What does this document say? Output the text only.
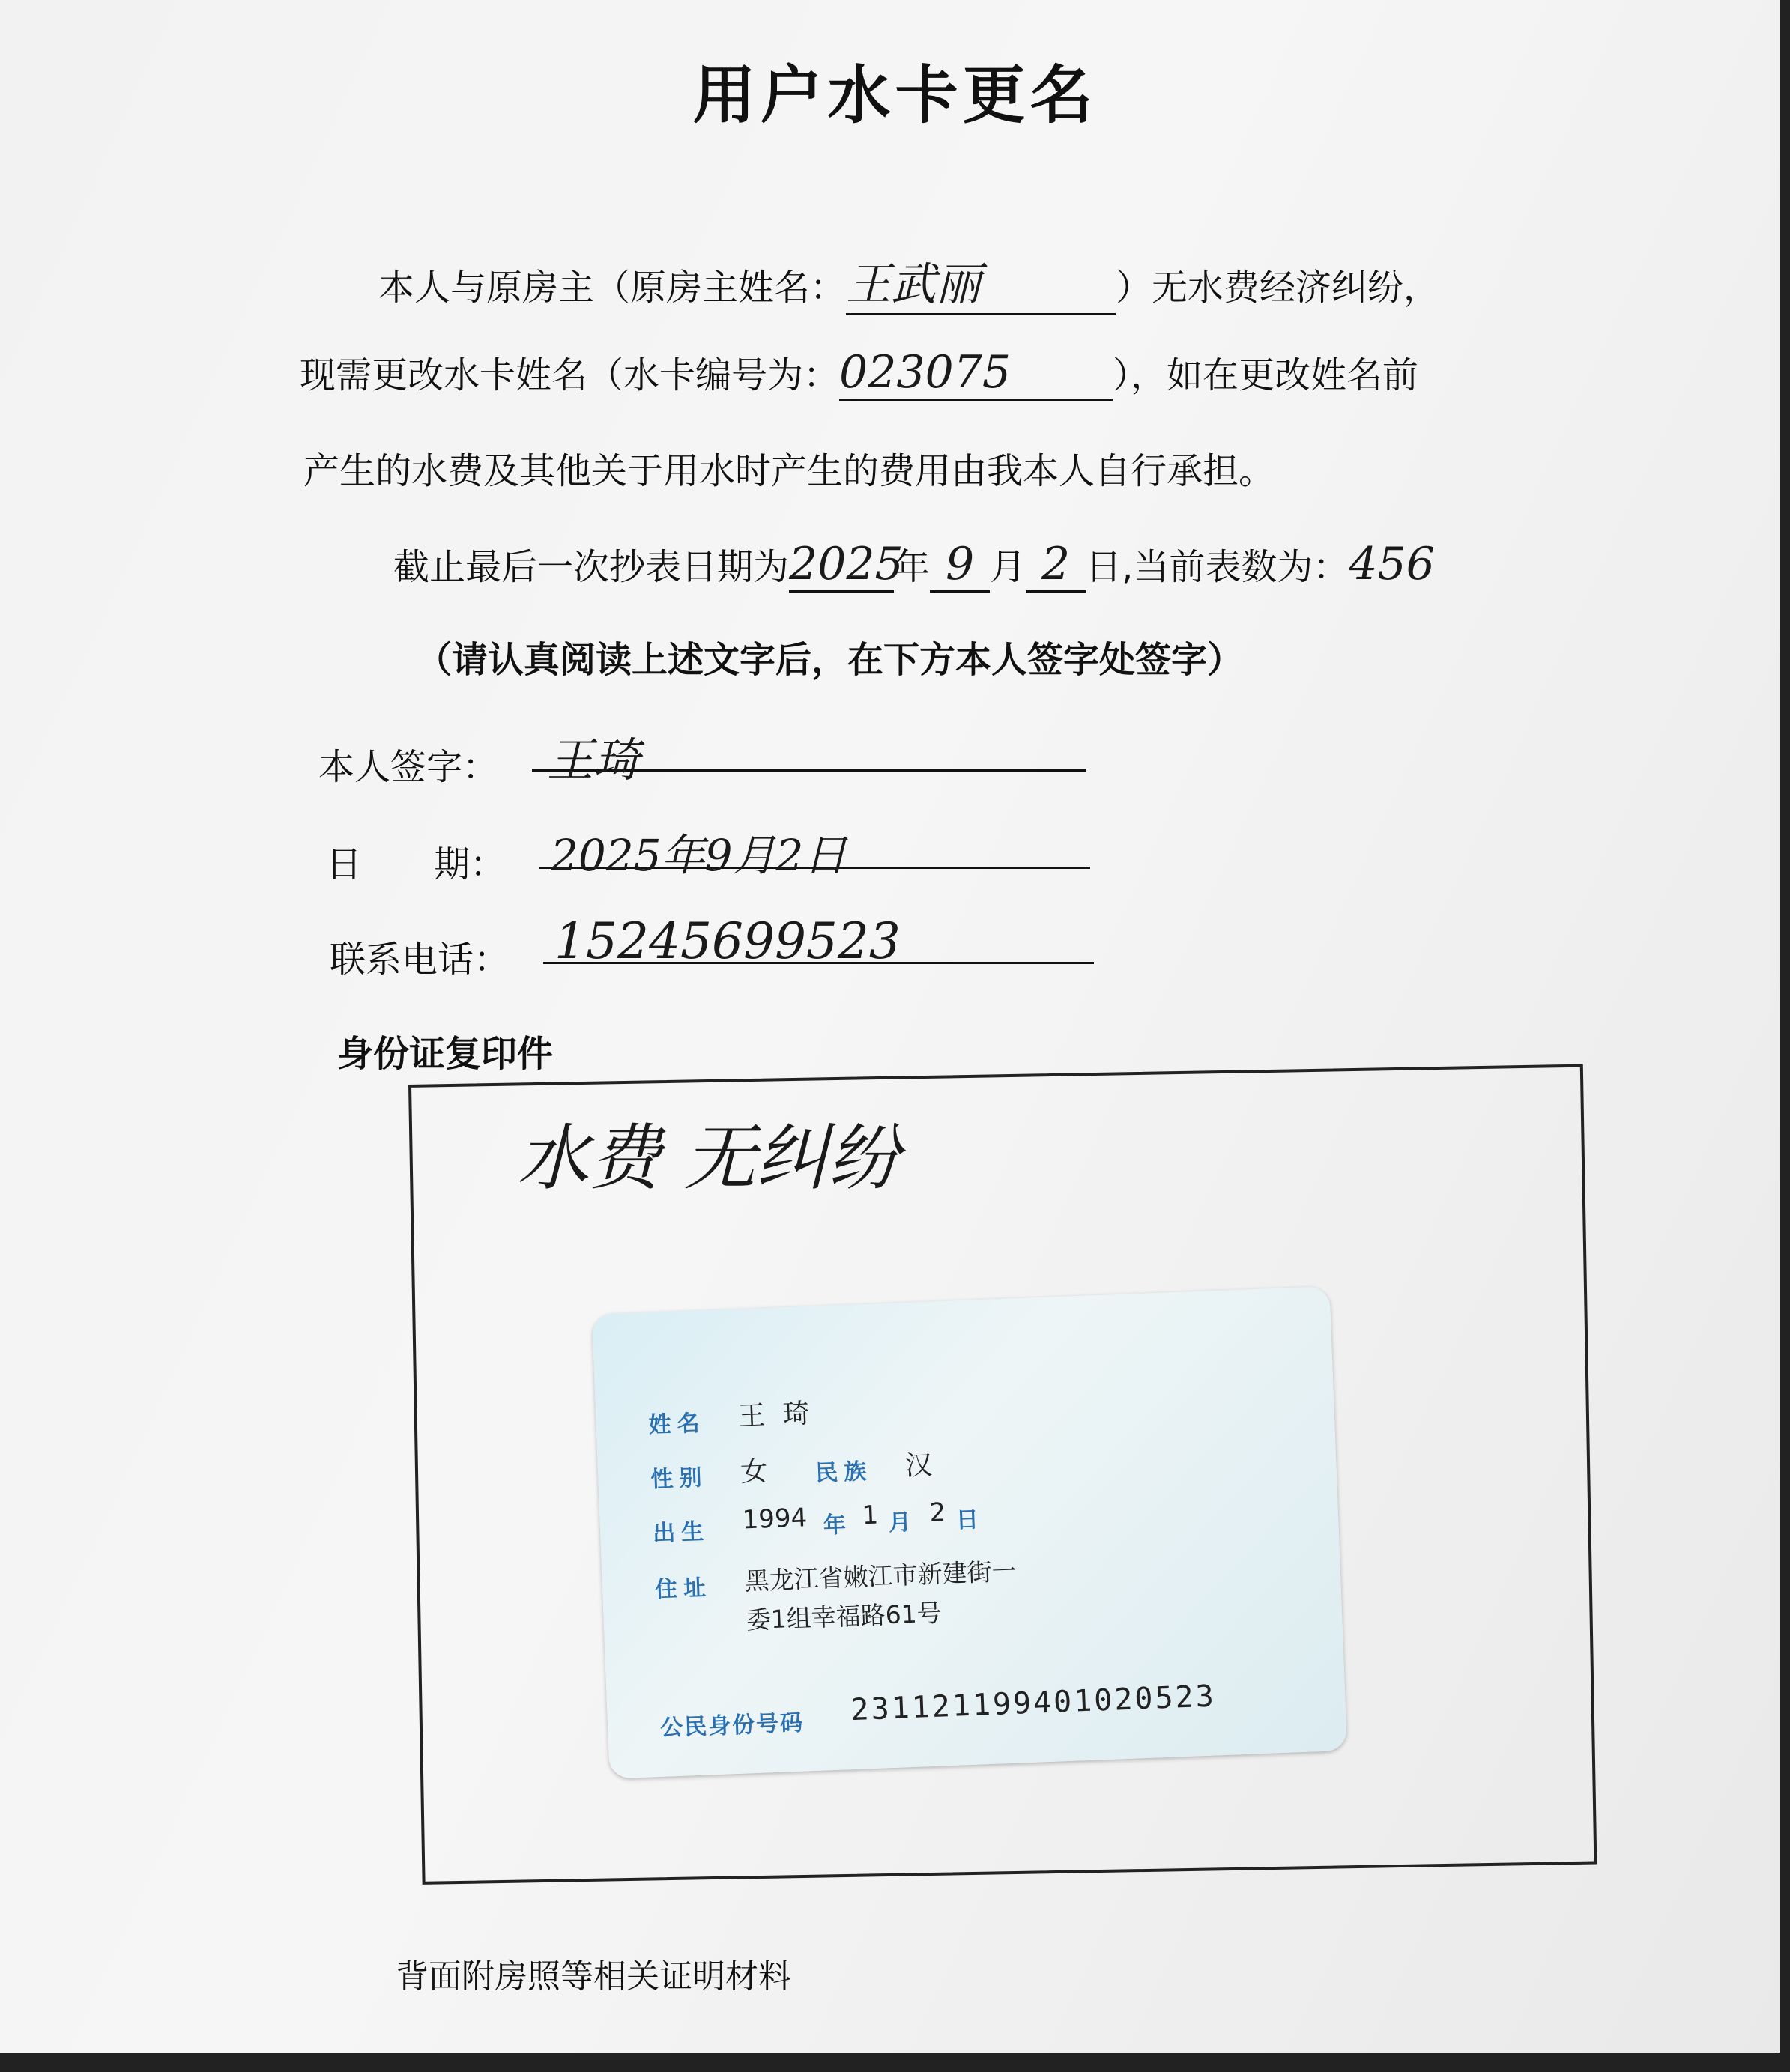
用户水卡更名
本人与原房主（原房主姓名：王武丽	）无水费经济纠纷，
现需更改水卡姓名（水卡编号为：023075	），如在更改姓名前
产生的水费及其他关于用水时产生的费用由我本人自行承担。
截止最后一次抄表日期为2025年 9 月 2 日,当前表数为：456
（请认真阅读上述文字后，在下方本人签字处签字）
本人签字：	王琦
日　　期： 2025年9月2日
联系电话： 15245699523
身份证复印件
水费 无纠纷
姓名 王 琦
性别 女 民族 汉
出生 1994 年 1 月 2 日
住址 黑龙江省嫩江市新建街一
委1组幸福路61号
公民身份号码 231121199401020523
背面附房照等相关证明材料
